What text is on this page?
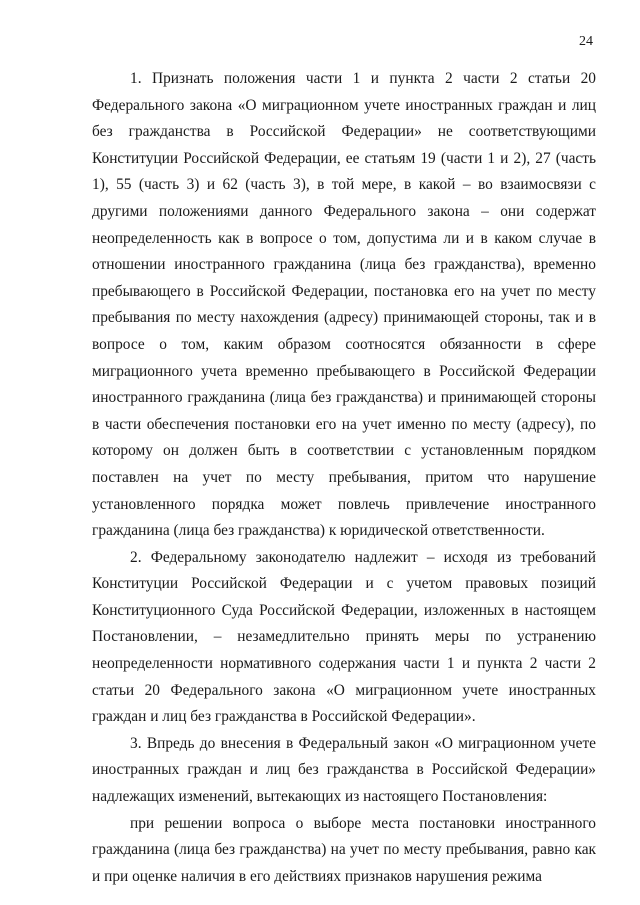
24

1. Признать положения части 1 и пункта 2 части 2 статьи 20 Федерального закона «О миграционном учете иностранных граждан и лиц без гражданства в Российской Федерации» не соответствующими Конституции Российской Федерации, ее статьям 19 (части 1 и 2), 27 (часть 1), 55 (часть 3) и 62 (часть 3), в той мере, в какой – во взаимосвязи с другими положениями данного Федерального закона – они содержат неопределенность как в вопросе о том, допустима ли и в каком случае в отношении иностранного гражданина (лица без гражданства), временно пребывающего в Российской Федерации, постановка его на учет по месту пребывания по месту нахождения (адресу) принимающей стороны, так и в вопросе о том, каким образом соотносятся обязанности в сфере миграционного учета временно пребывающего в Российской Федерации иностранного гражданина (лица без гражданства) и принимающей стороны в части обеспечения постановки его на учет именно по месту (адресу), по которому он должен быть в соответствии с установленным порядком поставлен на учет по месту пребывания, притом что нарушение установленного порядка может повлечь привлечение иностранного гражданина (лица без гражданства) к юридической ответственности.

2. Федеральному законодателю надлежит – исходя из требований Конституции Российской Федерации и с учетом правовых позиций Конституционного Суда Российской Федерации, изложенных в настоящем Постановлении, – незамедлительно принять меры по устранению неопределенности нормативного содержания части 1 и пункта 2 части 2 статьи 20 Федерального закона «О миграционном учете иностранных граждан и лиц без гражданства в Российской Федерации».

3. Впредь до внесения в Федеральный закон «О миграционном учете иностранных граждан и лиц без гражданства в Российской Федерации» надлежащих изменений, вытекающих из настоящего Постановления:

при решении вопроса о выборе места постановки иностранного гражданина (лица без гражданства) на учет по месту пребывания, равно как и при оценке наличия в его действиях признаков нарушения режима
